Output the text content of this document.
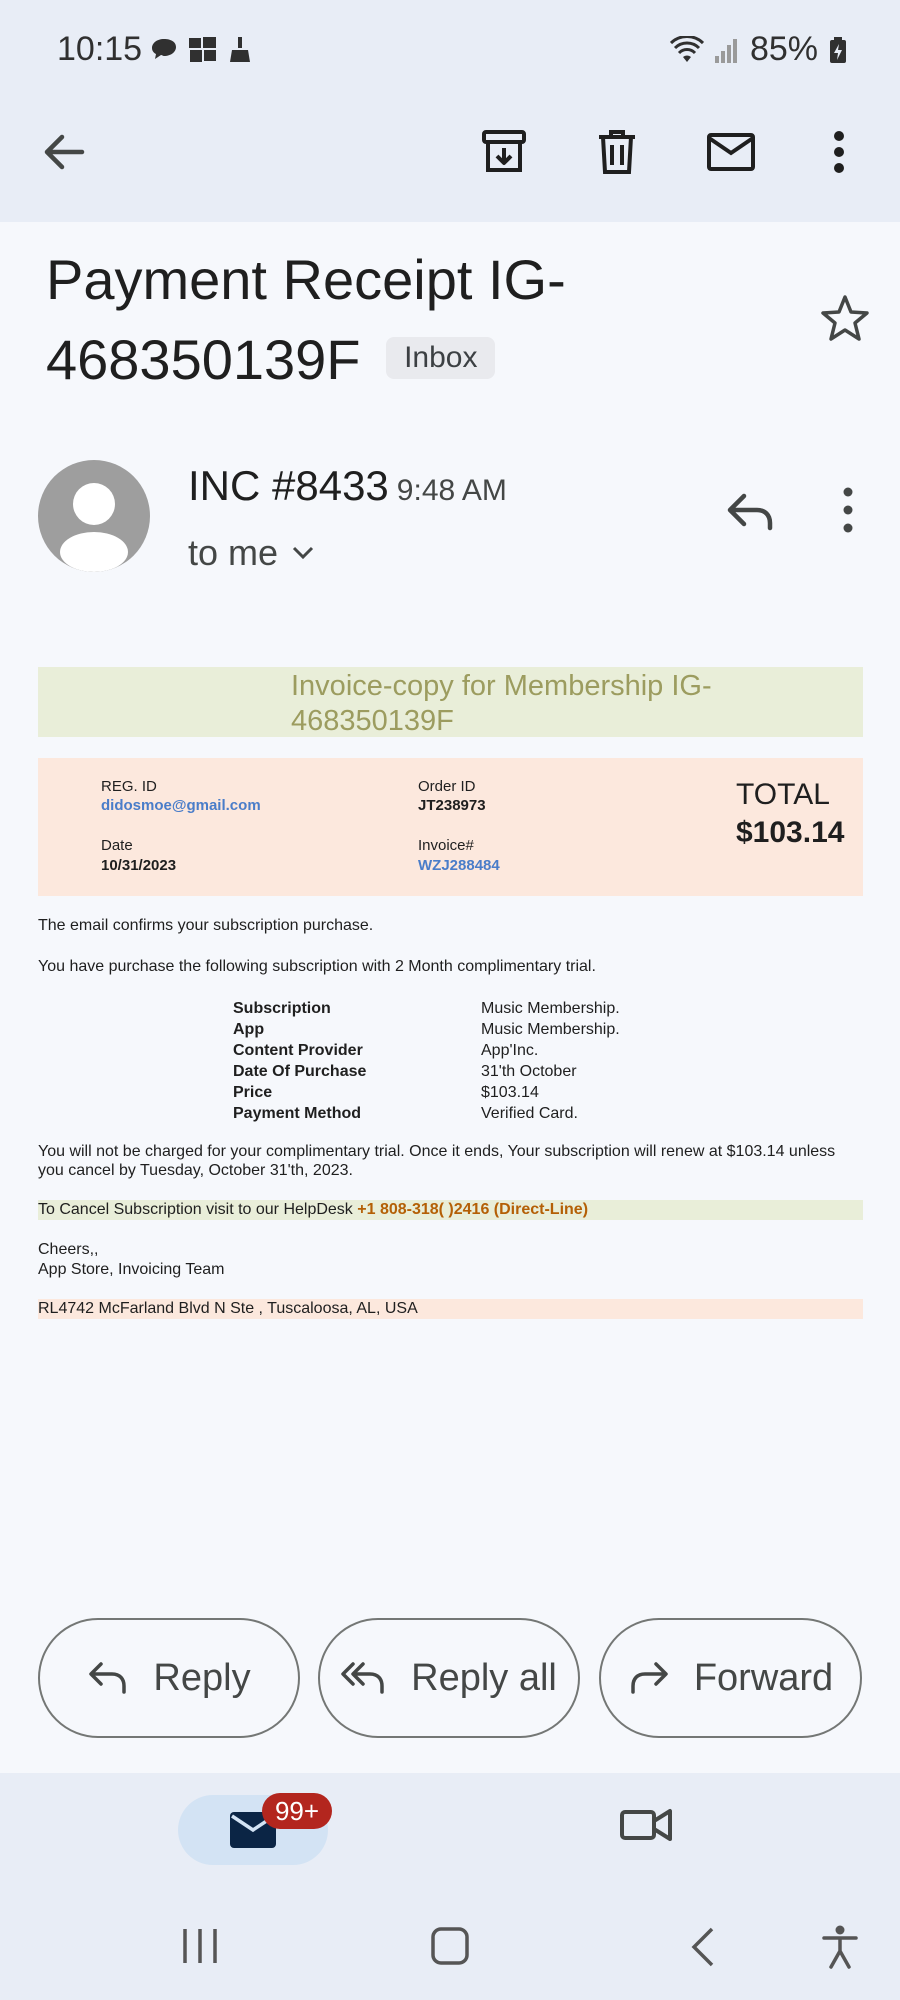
10:15	85%
Payment Receipt IG-468350139F Inbox
INC #8433 9:48 AM
to me
Invoice-copy for Membership IG-468350139F
REG. ID
didosmoe@gmail.com
Order ID
JT238973
Date
10/31/2023
Invoice#
WZJ288484
TOTAL
$103.14
The email confirms your subscription purchase.
You have purchase the following subscription with 2 Month complimentary trial.
Subscription	Music Membership.
App	Music Membership.
Content Provider	App'Inc.
Date Of Purchase	31'th October
Price	$103.14
Payment Method	Verified Card.
You will not be charged for your complimentary trial. Once it ends, Your subscription will renew at $103.14 unless you cancel by Tuesday, October 31'th, 2023.
To Cancel Subscription visit to our HelpDesk +1 808-318( )2416 (Direct-Line)
Cheers,,
App Store, Invoicing Team
RL4742 McFarland Blvd N Ste , Tuscaloosa, AL, USA
Reply	Reply all	Forward
99+
